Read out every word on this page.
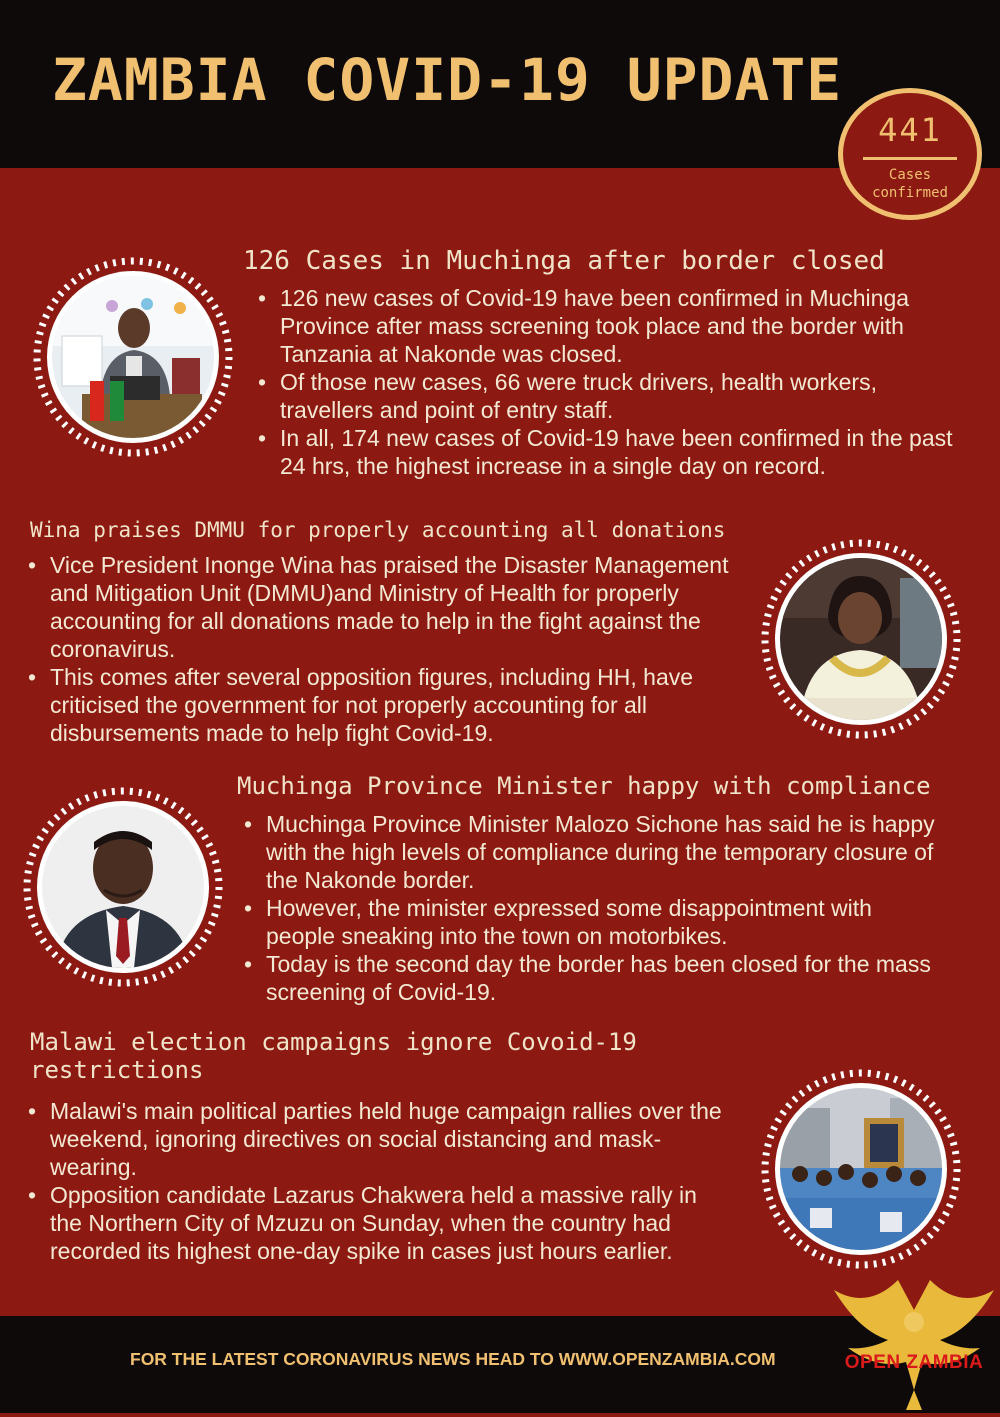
ZAMBIA COVID-19 UPDATE
441
Cases
confirmed
126 Cases in Muchinga after border closed
• 126 new cases of Covid-19 have been confirmed in Muchinga Province after mass screening took place and the border with Tanzania at Nakonde was closed.
• Of those new cases, 66 were truck drivers, health workers, travellers and point of entry staff.
• In all, 174 new cases of Covid-19 have been confirmed in the past 24 hrs, the highest increase in a single day on record.
Wina praises DMMU for properly accounting all donations
• Vice President Inonge Wina has praised the Disaster Management and Mitigation Unit (DMMU)and Ministry of Health for properly accounting for all donations made to help in the fight against the coronavirus.
• This comes after several opposition figures, including HH, have criticised the government for not properly accounting for all disbursements made to help fight Covid-19.
Muchinga Province Minister happy with compliance
• Muchinga Province Minister Malozo Sichone has said he is happy with the high levels of compliance during the temporary closure of the Nakonde border.
• However, the minister expressed some disappointment with people sneaking into the town on motorbikes.
• Today is the second day the border has been closed for the mass screening of Covid-19.
Malawi election campaigns ignore Covoid-19
restrictions
• Malawi's main political parties held huge campaign rallies over the weekend, ignoring directives on social distancing and mask-wearing.
• Opposition candidate Lazarus Chakwera held a massive rally in the Northern City of Mzuzu on Sunday, when the country had recorded its highest one-day spike in cases just hours earlier.

FOR THE LATEST CORONAVIRUS NEWS HEAD TO WWW.OPENZAMBIA.COM	OPEN ZAMBIA
